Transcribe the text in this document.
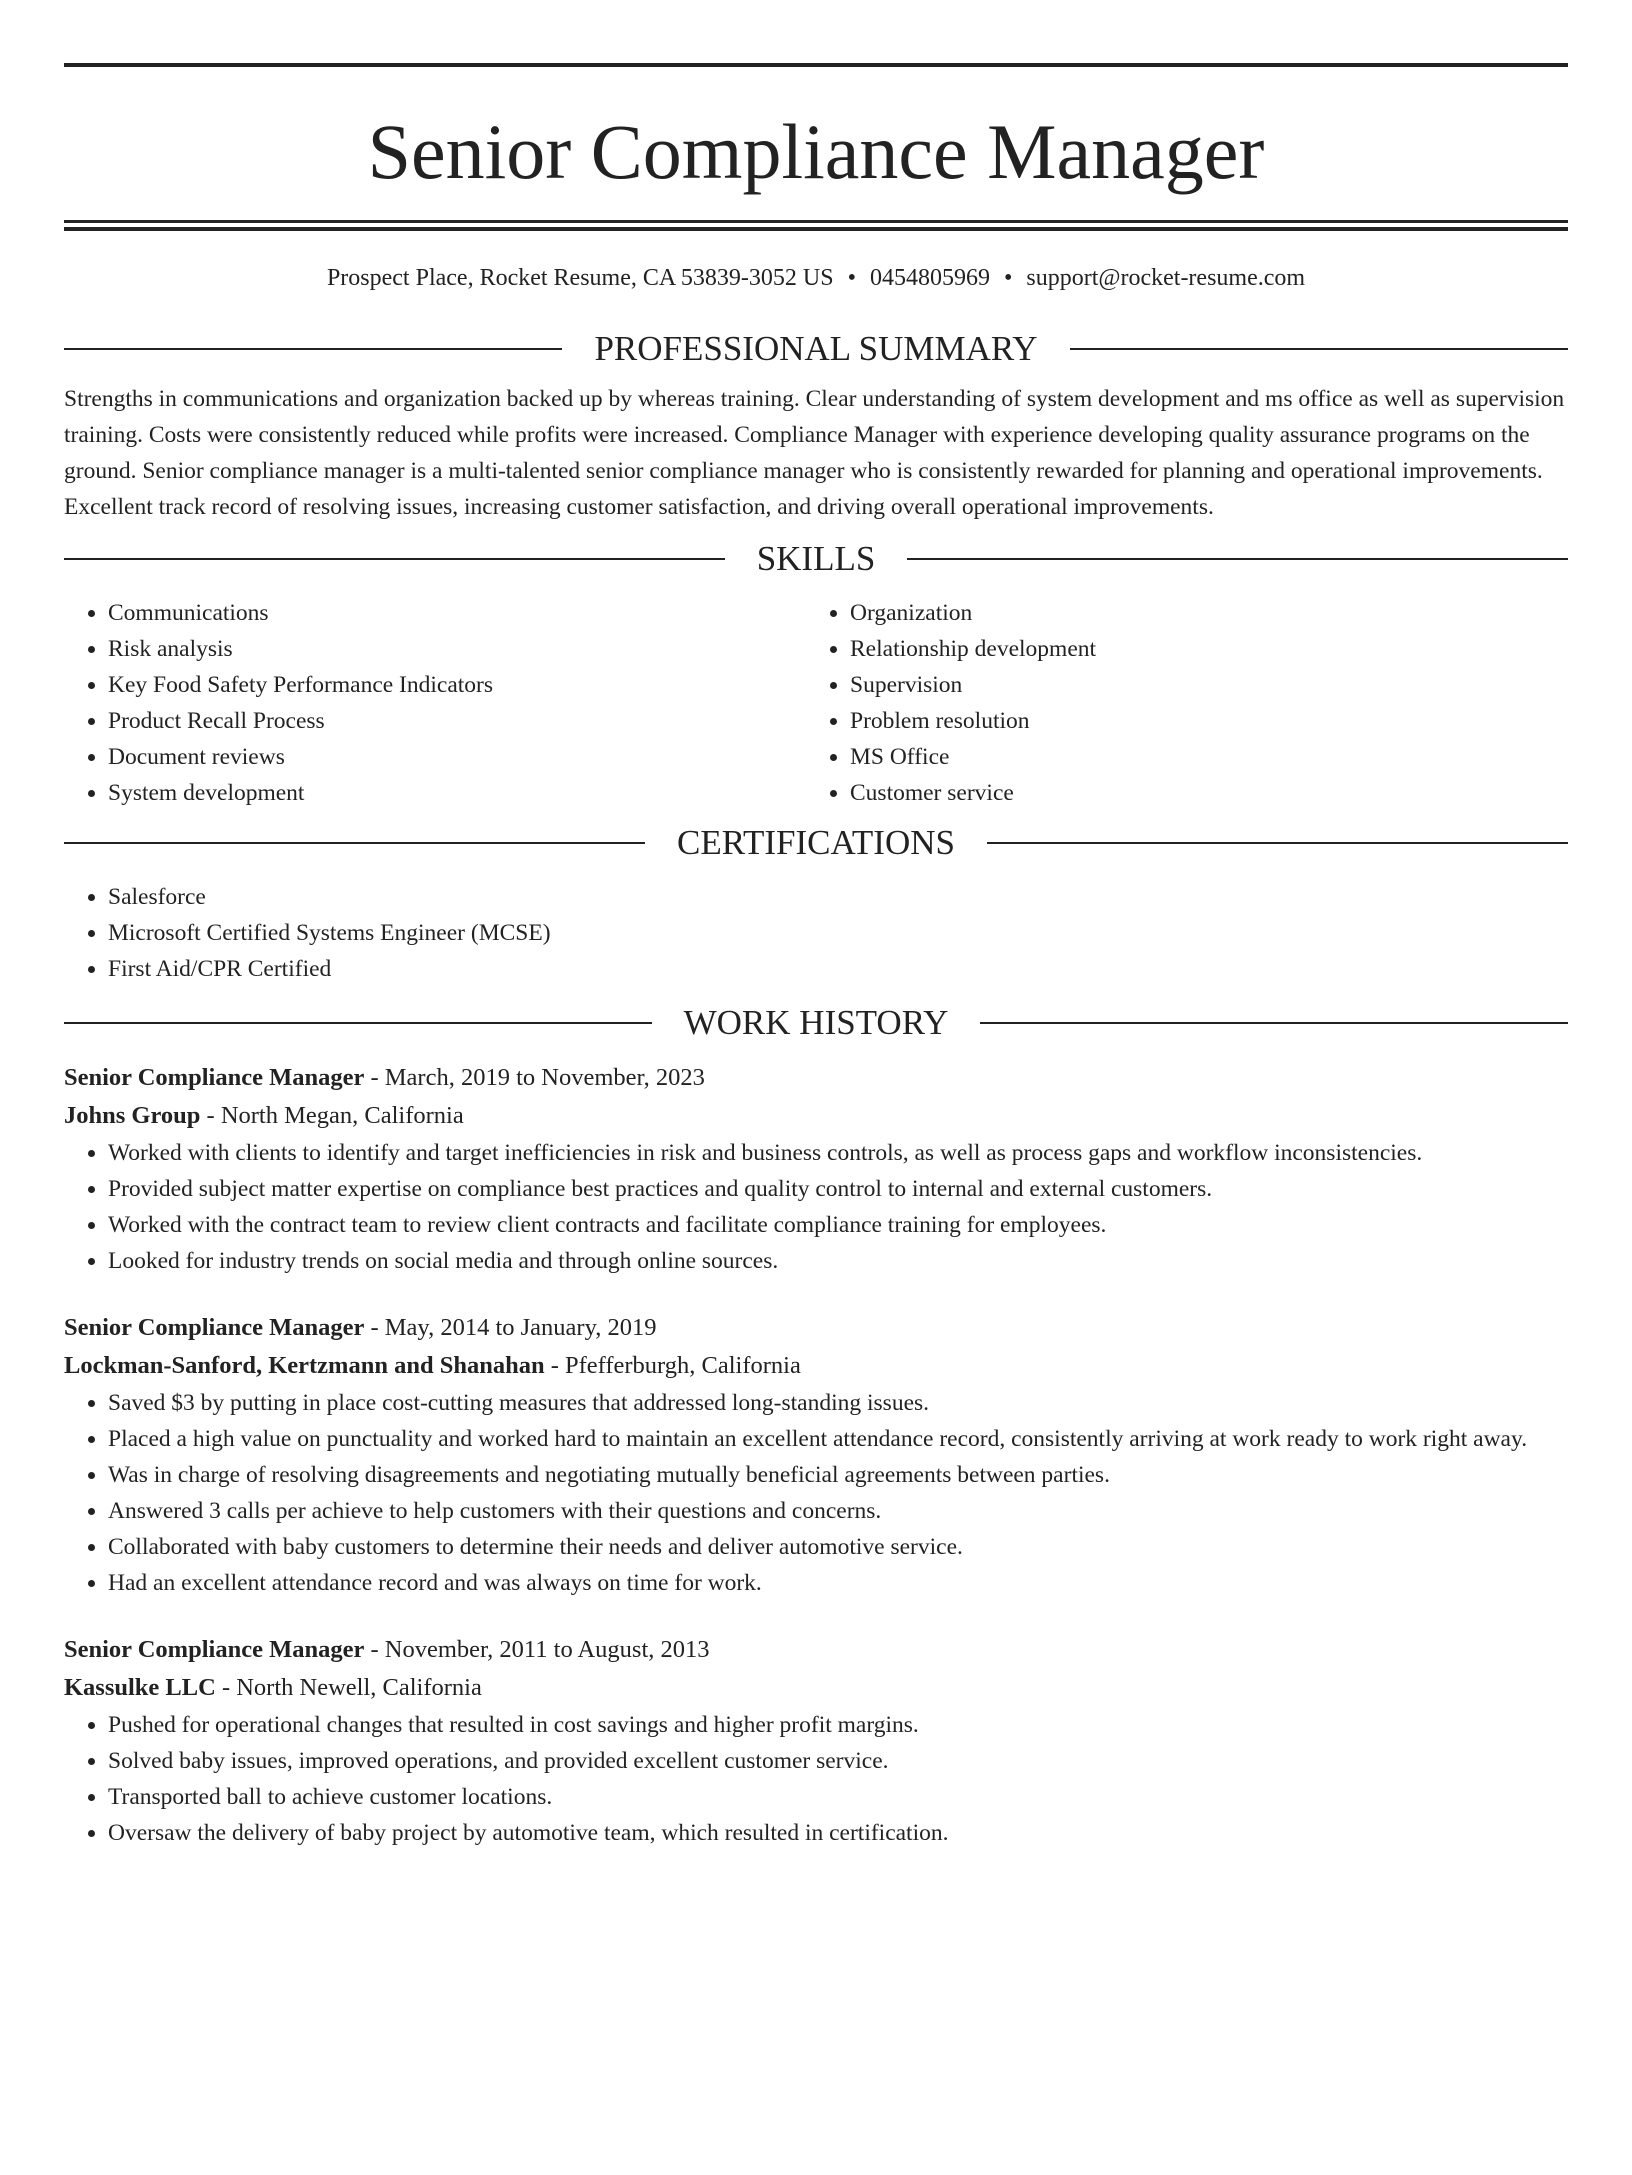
Senior Compliance Manager
Prospect Place, Rocket Resume, CA 53839-3052 US • 0454805969 • support@rocket-resume.com
PROFESSIONAL SUMMARY
Strengths in communications and organization backed up by whereas training. Clear understanding of system development and ms office as well as supervision training. Costs were consistently reduced while profits were increased. Compliance Manager with experience developing quality assurance programs on the ground. Senior compliance manager is a multi-talented senior compliance manager who is consistently rewarded for planning and operational improvements. Excellent track record of resolving issues, increasing customer satisfaction, and driving overall operational improvements.
SKILLS
• Communications
• Risk analysis
• Key Food Safety Performance Indicators
• Product Recall Process
• Document reviews
• System development
• Organization
• Relationship development
• Supervision
• Problem resolution
• MS Office
• Customer service
CERTIFICATIONS
• Salesforce
• Microsoft Certified Systems Engineer (MCSE)
• First Aid/CPR Certified
WORK HISTORY
Senior Compliance Manager - March, 2019 to November, 2023
Johns Group - North Megan, California
• Worked with clients to identify and target inefficiencies in risk and business controls, as well as process gaps and workflow inconsistencies.
• Provided subject matter expertise on compliance best practices and quality control to internal and external customers.
• Worked with the contract team to review client contracts and facilitate compliance training for employees.
• Looked for industry trends on social media and through online sources.
Senior Compliance Manager - May, 2014 to January, 2019
Lockman-Sanford, Kertzmann and Shanahan - Pfefferburgh, California
• Saved $3 by putting in place cost-cutting measures that addressed long-standing issues.
• Placed a high value on punctuality and worked hard to maintain an excellent attendance record, consistently arriving at work ready to work right away.
• Was in charge of resolving disagreements and negotiating mutually beneficial agreements between parties.
• Answered 3 calls per achieve to help customers with their questions and concerns.
• Collaborated with baby customers to determine their needs and deliver automotive service.
• Had an excellent attendance record and was always on time for work.
Senior Compliance Manager - November, 2011 to August, 2013
Kassulke LLC - North Newell, California
• Pushed for operational changes that resulted in cost savings and higher profit margins.
• Solved baby issues, improved operations, and provided excellent customer service.
• Transported ball to achieve customer locations.
• Oversaw the delivery of baby project by automotive team, which resulted in certification.
